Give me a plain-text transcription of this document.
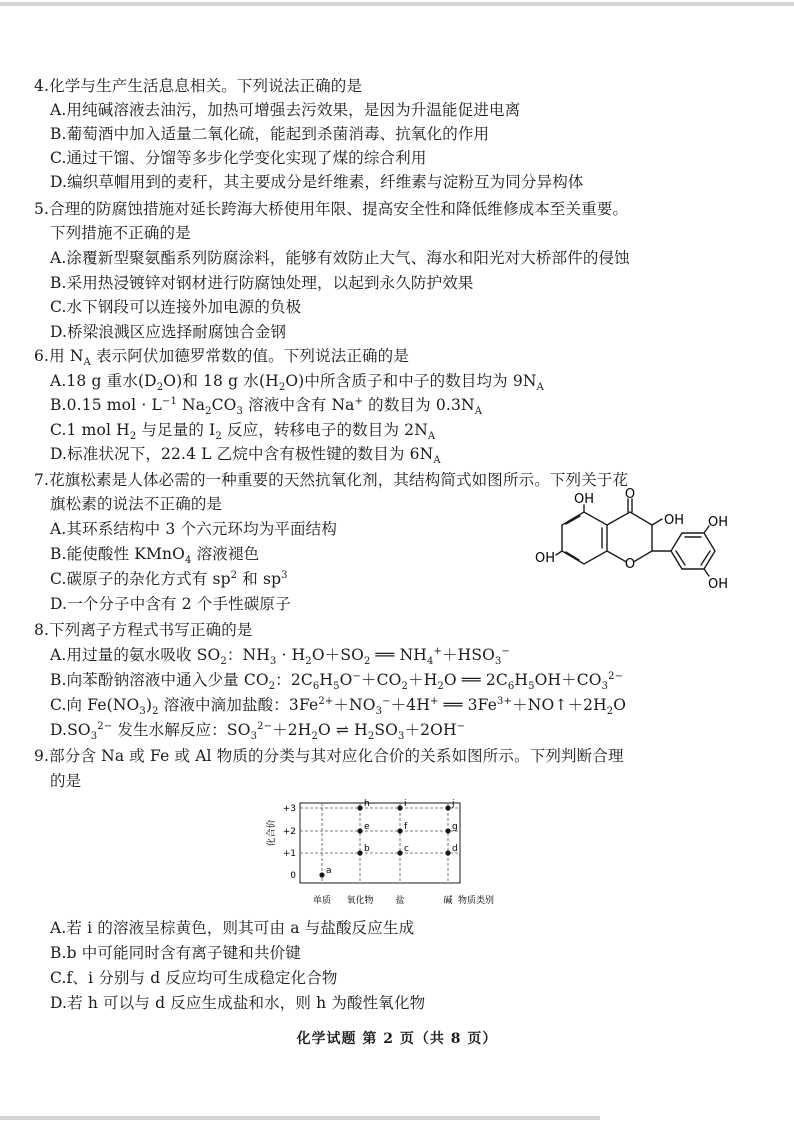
4.化学与生产生活息息相关。下列说法正确的是
A.用纯碱溶液去油污，加热可增强去污效果，是因为升温能促进电离
B.葡萄酒中加入适量二氧化硫，能起到杀菌消毒、抗氧化的作用
C.通过干馏、分馏等多步化学变化实现了煤的综合利用
D.编织草帽用到的麦秆，其主要成分是纤维素，纤维素与淀粉互为同分异构体
5.合理的防腐蚀措施对延长跨海大桥使用年限、提高安全性和降低维修成本至关重要。
下列措施不正确的是
A.涂覆新型聚氨酯系列防腐涂料，能够有效防止大气、海水和阳光对大桥部件的侵蚀
B.采用热浸镀锌对钢材进行防腐蚀处理，以起到永久防护效果
C.水下钢段可以连接外加电源的负极
D.桥梁浪溅区应选择耐腐蚀合金钢
6.用 $N_A$ 表示阿伏加德罗常数的值。下列说法正确的是
A.18 g 重水$(D_2O)$和 18 g 水$(H_2O)$中所含质子和中子的数目均为 $9N_A$
B.0.15 mol · $L^{-1}$ $Na_2CO_3$ 溶液中含有 Na+ 的数目为 $0.3N_A$
C.1 mol $H_2$ 与足量的 $I_2$ 反应，转移电子的数目为 $2N_A$
D.标准状况下，22.4 L 乙烷中含有极性键的数目为 $6N_A$
7.花旗松素是人体必需的一种重要的天然抗氧化剂，其结构简式如图所示。下列关于花
旗松素的说法不正确的是
A.其环系结构中 3 个六元环均为平面结构
B.能使酸性 KMnO$_4$ 溶液褪色
C.碳原子的杂化方式有 $sp^2$ 和 $sp^3$
D.一个分子中含有 2 个手性碳原子
O
O
OH
OH
OH
OH
OH
8.下列离子方程式书写正确的是
A.用过量的氨水吸收 $SO_2$：$NH_3 \cdot H_2O+SO_2$ ══ $NH_4^++HSO_3^-$
B.向苯酚钠溶液中通入少量 $CO_2$：$2C_6H_5O^-+CO_2+H_2O$ ══ $2C_6H_5OH+CO_3^{2-}$
C.向 $Fe(NO_3)_2$ 溶液中滴加盐酸：$3Fe^{2+}+NO_3^-+4H^+$ ══ $3Fe^{3+}+NO↑+2H_2O$
$D.SO_3^{2-}$ 发生水解反应：$SO_3^{2-}+2H_2O$ ⇌ $H_2SO_3+2OH^-$
9.部分含 Na 或 Fe 或 Al 物质的分类与其对应化合价的关系如图所示。下列判断合理
的是
化合价
+3
+2
+1
0
单质 氧化物 盐	碱
a
b
e
h
c
f
i
d
g
j
物质类别
A.若 i 的溶液呈棕黄色，则其可由 a 与盐酸反应生成
B.b 中可能同时含有离子键和共价键
C.f、i 分别与 d 反应均可生成稳定化合物
D.若 h 可以与 d 反应生成盐和水，则 h 为酸性氧化物
化学试题 第 2 页（共 8 页）
